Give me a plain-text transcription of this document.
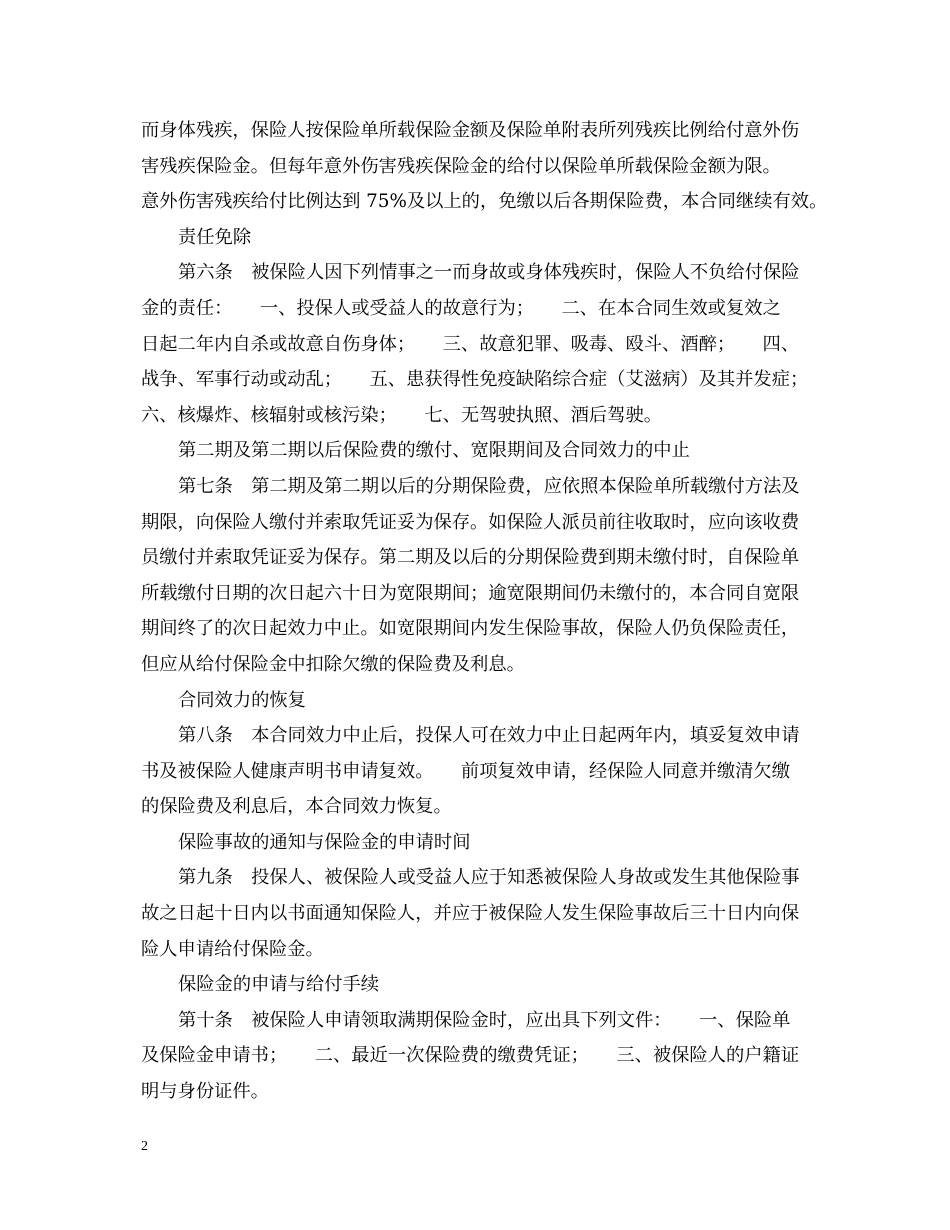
而身体残疾，保险人按保险单所载保险金额及保险单附表所列残疾比例给付意外伤
害残疾保险金。但每年意外伤害残疾保险金的给付以保险单所载保险金额为限。
意外伤害残疾给付比例达到 75%及以上的，免缴以后各期保险费，本合同继续有效。
责任免除
第六条　被保险人因下列情事之一而身故或身体残疾时，保险人不负给付保险
金的责任：　　一、投保人或受益人的故意行为；　　二、在本合同生效或复效之
日起二年内自杀或故意自伤身体；　　三、故意犯罪、吸毒、殴斗、酒醉；　　四、
战争、军事行动或动乱；　　五、患获得性免疫缺陷综合症（艾滋病）及其并发症；
六、核爆炸、核辐射或核污染；　　七、无驾驶执照、酒后驾驶。
第二期及第二期以后保险费的缴付、宽限期间及合同效力的中止
第七条　第二期及第二期以后的分期保险费，应依照本保险单所载缴付方法及
期限，向保险人缴付并索取凭证妥为保存。如保险人派员前往收取时，应向该收费
员缴付并索取凭证妥为保存。第二期及以后的分期保险费到期未缴付时，自保险单
所载缴付日期的次日起六十日为宽限期间；逾宽限期间仍未缴付的，本合同自宽限
期间终了的次日起效力中止。如宽限期间内发生保险事故，保险人仍负保险责任，
但应从给付保险金中扣除欠缴的保险费及利息。
合同效力的恢复
第八条　本合同效力中止后，投保人可在效力中止日起两年内，填妥复效申请
书及被保险人健康声明书申请复效。　　前项复效申请，经保险人同意并缴清欠缴
的保险费及利息后，本合同效力恢复。
保险事故的通知与保险金的申请时间
第九条　投保人、被保险人或受益人应于知悉被保险人身故或发生其他保险事
故之日起十日内以书面通知保险人，并应于被保险人发生保险事故后三十日内向保
险人申请给付保险金。
保险金的申请与给付手续
第十条　被保险人申请领取满期保险金时，应出具下列文件：　　一、保险单
及保险金申请书；　　二、最近一次保险费的缴费凭证；　　三、被保险人的户籍证
明与身份证件。
2
